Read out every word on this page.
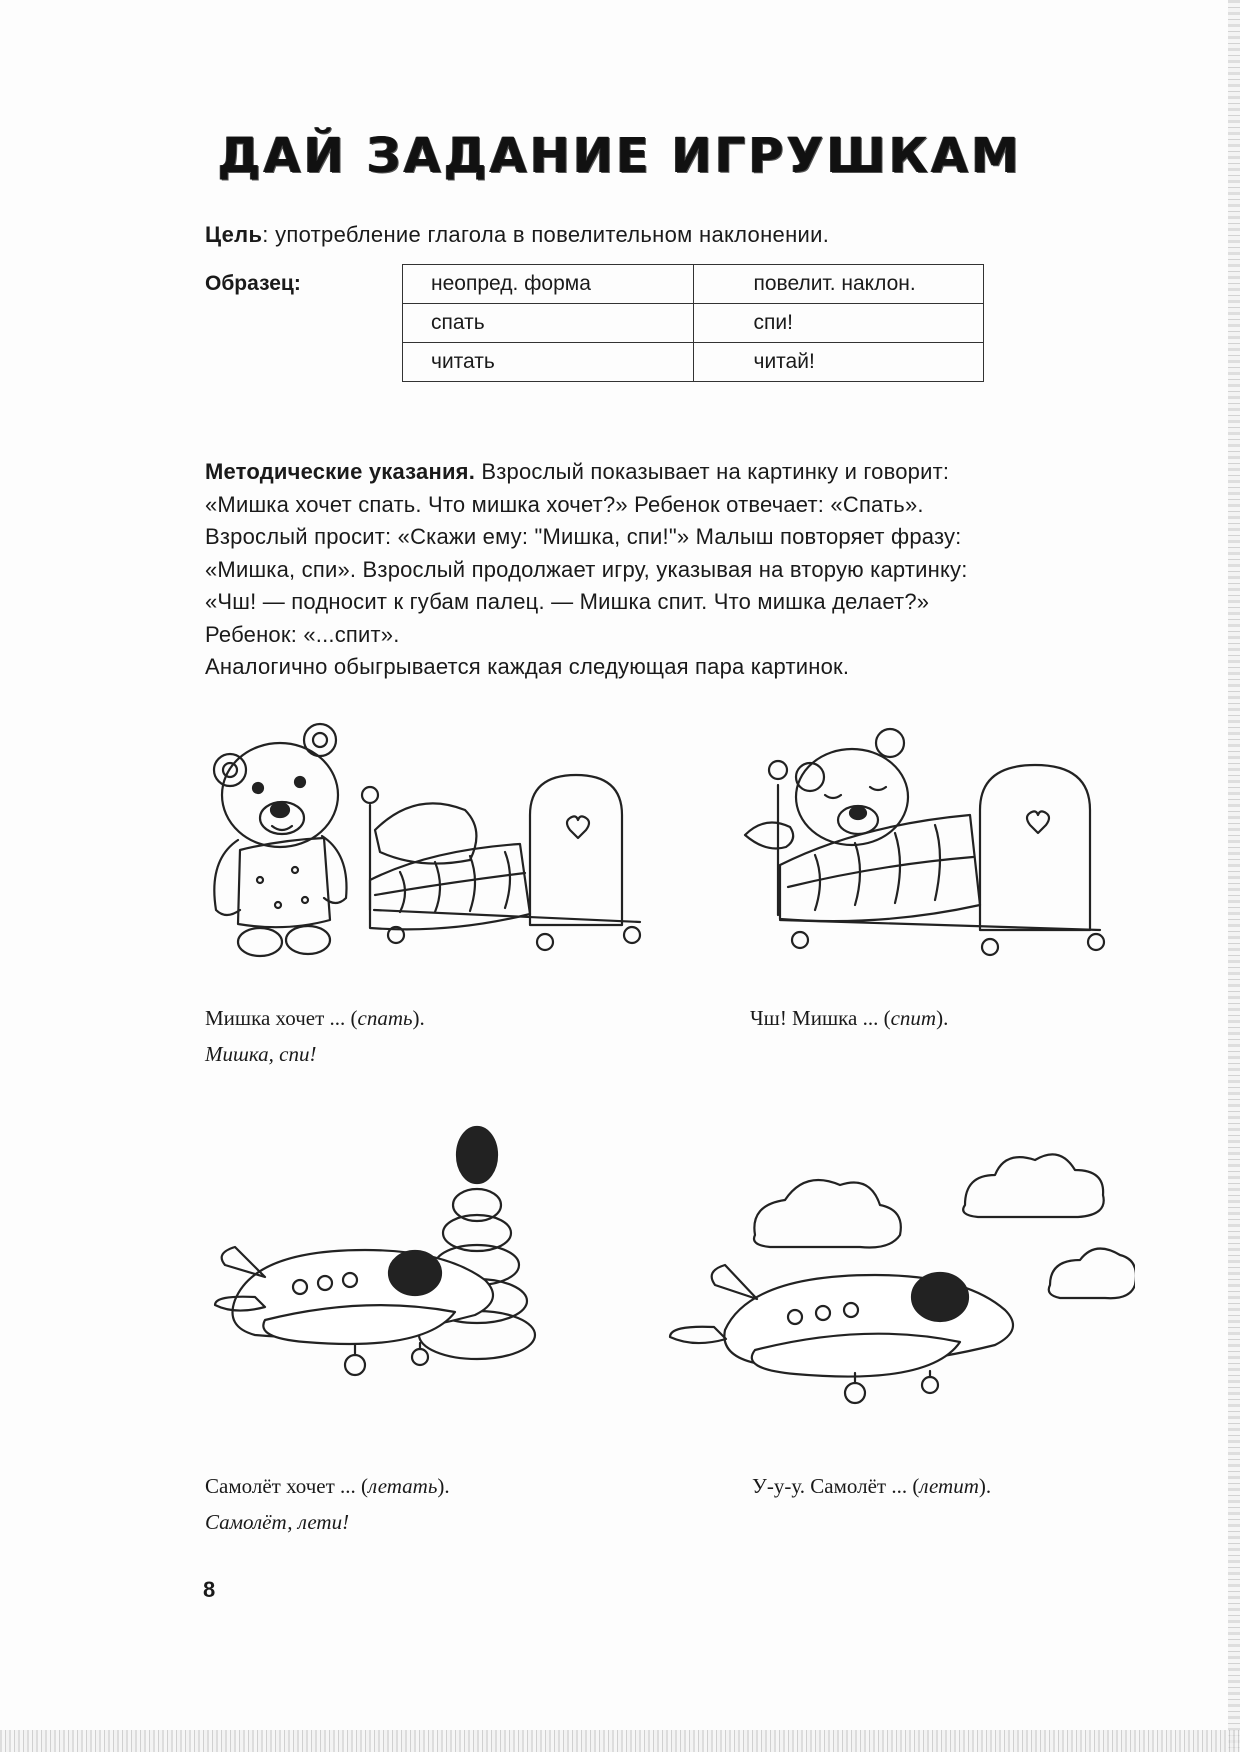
ДАЙ ЗАДАНИЕ ИГРУШКАМ
Цель: употребление глагола в повелительном наклонении.
Образец:	неопред. форма	повелит. наклон.
спать	спи!
читать	читай!
Методические указания. Взрослый показывает на картинку и говорит:
«Мишка хочет спать. Что мишка хочет?» Ребенок отвечает: «Спать».
Взрослый просит: «Скажи ему: "Мишка, спи!"» Малыш повторяет фразу:
«Мишка, спи». Взрослый продолжает игру, указывая на вторую картинку:
«Чш! — подносит к губам палец. — Мишка спит. Что мишка делает?»
Ребенок: «...спит».
Аналогично обыгрывается каждая следующая пара картинок.
Мишка хочет ... (спать).
Мишка, спи!
Чш! Мишка ... (спит).
Самолёт хочет ... (летать).
Самолёт, лети!
У-у-у. Самолёт ... (летит).
8
